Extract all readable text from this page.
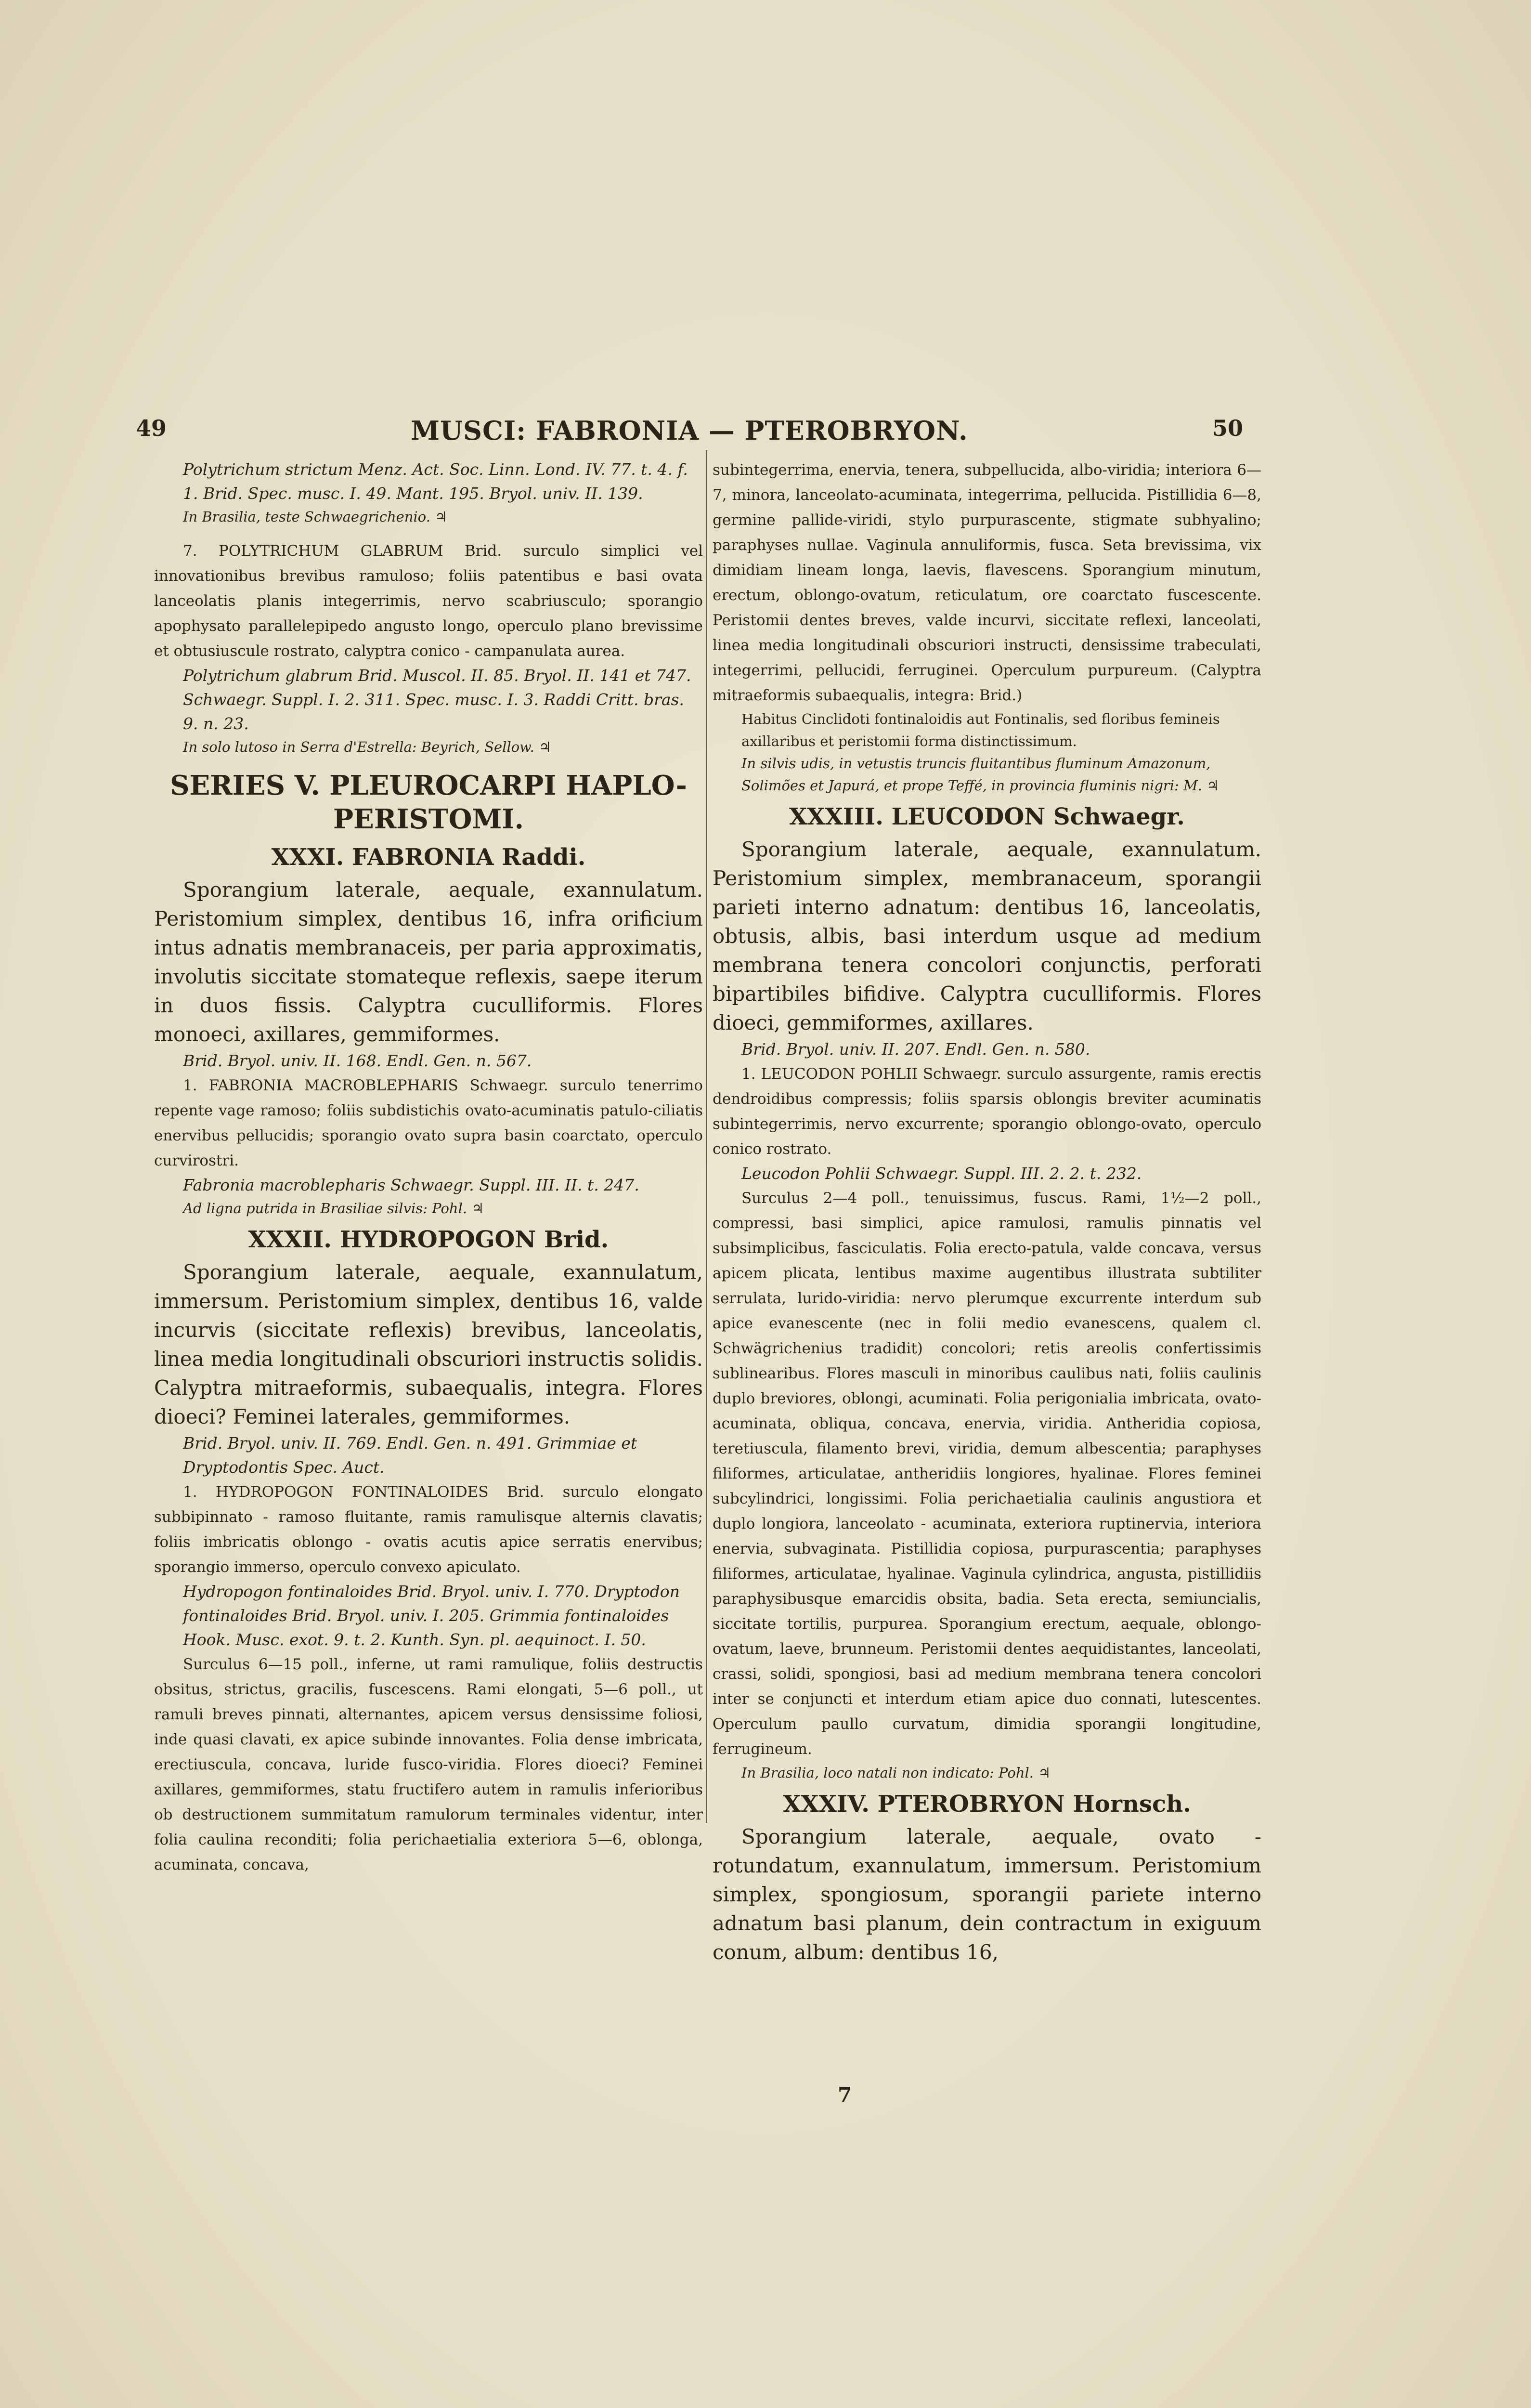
49	MUSCI: FABRONIA — PTEROBRYON.	50

Polytrichum strictum Menz. Act. Soc. Linn. Lond. IV. 77. t. 4. f. 1. Brid. Spec. musc. I. 49. Mant. 195. Bryol. univ. II. 139.

In Brasilia, teste Schwaegrichenio. ♃

7. POLYTRICHUM GLABRUM Brid. surculo simplici vel innovationibus brevibus ramuloso; foliis patentibus e basi ovata lanceolatis planis integerrimis, nervo scabriusculo; sporangio apophysato parallelepipedo angusto longo, operculo plano brevissime et obtusiuscule rostrato, calyptra conico - campanulata aurea.

Polytrichum glabrum Brid. Muscol. II. 85. Bryol. II. 141 et 747. Schwaegr. Suppl. I. 2. 311. Spec. musc. I. 3. Raddi Critt. bras. 9. n. 23.

In solo lutoso in Serra d'Estrella: Beyrich, Sellow. ♃

SERIES V. PLEUROCARPI HAPLO-PERISTOMI.
XXXI. FABRONIA Raddi.

Sporangium laterale, aequale, exannulatum. Peristomium simplex, dentibus 16, infra orificium intus adnatis membranaceis, per paria approximatis, involutis siccitate stomateque reflexis, saepe iterum in duos fissis. Calyptra cuculliformis. Flores monoeci, axillares, gemmiformes.

Brid. Bryol. univ. II. 168. Endl. Gen. n. 567.

1. FABRONIA MACROBLEPHARIS Schwaegr. surculo tenerrimo repente vage ramoso; foliis subdistichis ovato-acuminatis patulo-ciliatis enervibus pellucidis; sporangio ovato supra basin coarctato, operculo curvirostri.

Fabronia macroblepharis Schwaegr. Suppl. III. II. t. 247.

Ad ligna putrida in Brasiliae silvis: Pohl. ♃

XXXII. HYDROPOGON Brid.

Sporangium laterale, aequale, exannulatum, immersum. Peristomium simplex, dentibus 16, valde incurvis (siccitate reflexis) brevibus, lanceolatis, linea media longitudinali obscuriori instructis solidis. Calyptra mitraeformis, subaequalis, integra. Flores dioeci? Feminei laterales, gemmiformes.

Brid. Bryol. univ. II. 769. Endl. Gen. n. 491. Grimmiae et Dryptodontis Spec. Auct.

1. HYDROPOGON FONTINALOIDES Brid. surculo elongato subbipinnato - ramoso fluitante, ramis ramulisque alternis clavatis; foliis imbricatis oblongo - ovatis acutis apice serratis enervibus; sporangio immerso, operculo convexo apiculato.

Hydropogon fontinaloides Brid. Bryol. univ. I. 770. Dryptodon fontinaloides Brid. Bryol. univ. I. 205. Grimmia fontinaloides Hook. Musc. exot. 9. t. 2. Kunth. Syn. pl. aequinoct. I. 50.

Surculus 6—15 poll., inferne, ut rami ramulique, foliis destructis obsitus, strictus, gracilis, fuscescens. Rami elongati, 5—6 poll., ut ramuli breves pinnati, alternantes, apicem versus densissime foliosi, inde quasi clavati, ex apice subinde innovantes. Folia dense imbricata, erectiuscula, concava, luride fusco-viridia. Flores dioeci? Feminei axillares, gemmiformes, statu fructifero autem in ramulis inferioribus ob destructionem summitatum ramulorum terminales videntur, inter folia caulina reconditi; folia perichaetialia exteriora 5—6, oblonga, acuminata, concava,

subintegerrima, enervia, tenera, subpellucida, albo-viridia; interiora 6—7, minora, lanceolato-acuminata, integerrima, pellucida. Pistillidia 6—8, germine pallide-viridi, stylo purpurascente, stigmate subhyalino; paraphyses nullae. Vaginula annuliformis, fusca. Seta brevissima, vix dimidiam lineam longa, laevis, flavescens. Sporangium minutum, erectum, oblongo-ovatum, reticulatum, ore coarctato fuscescente. Peristomii dentes breves, valde incurvi, siccitate reflexi, lanceolati, linea media longitudinali obscuriori instructi, densissime trabeculati, integerrimi, pellucidi, ferruginei. Operculum purpureum. (Calyptra mitraeformis subaequalis, integra: Brid.)

Habitus Cinclidoti fontinaloidis aut Fontinalis, sed floribus femineis axillaribus et peristomii forma distinctissimum.

In silvis udis, in vetustis truncis fluitantibus fluminum Amazonum, Solimões et Japurá, et prope Teffé, in provincia fluminis nigri: M. ♃

XXXIII. LEUCODON Schwaegr.

Sporangium laterale, aequale, exannulatum. Peristomium simplex, membranaceum, sporangii parieti interno adnatum: dentibus 16, lanceolatis, obtusis, albis, basi interdum usque ad medium membrana tenera concolori conjunctis, perforati bipartibiles bifidive. Calyptra cuculliformis. Flores dioeci, gemmiformes, axillares.

Brid. Bryol. univ. II. 207. Endl. Gen. n. 580.

1. LEUCODON POHLII Schwaegr. surculo assurgente, ramis erectis dendroidibus compressis; foliis sparsis oblongis breviter acuminatis subintegerrimis, nervo excurrente; sporangio oblongo-ovato, operculo conico rostrato.

Leucodon Pohlii Schwaegr. Suppl. III. 2. 2. t. 232.

Surculus 2—4 poll., tenuissimus, fuscus. Rami, 1½—2 poll., compressi, basi simplici, apice ramulosi, ramulis pinnatis vel subsimplicibus, fasciculatis. Folia erecto-patula, valde concava, versus apicem plicata, lentibus maxime augentibus illustrata subtiliter serrulata, lurido-viridia: nervo plerumque excurrente interdum sub apice evanescente (nec in folii medio evanescens, qualem cl. Schwägrichenius tradidit) concolori; retis areolis confertissimis sublinearibus. Flores masculi in minoribus caulibus nati, foliis caulinis duplo breviores, oblongi, acuminati. Folia perigonialia imbricata, ovato-acuminata, obliqua, concava, enervia, viridia. Antheridia copiosa, teretiuscula, filamento brevi, viridia, demum albescentia; paraphyses filiformes, articulatae, antheridiis longiores, hyalinae. Flores feminei subcylindrici, longissimi. Folia perichaetialia caulinis angustiora et duplo longiora, lanceolato - acuminata, exteriora ruptinervia, interiora enervia, subvaginata. Pistillidia copiosa, purpurascentia; paraphyses filiformes, articulatae, hyalinae. Vaginula cylindrica, angusta, pistillidiis paraphysibusque emarcidis obsita, badia. Seta erecta, semiuncialis, siccitate tortilis, purpurea. Sporangium erectum, aequale, oblongo-ovatum, laeve, brunneum. Peristomii dentes aequidistantes, lanceolati, crassi, solidi, spongiosi, basi ad medium membrana tenera concolori inter se conjuncti et interdum etiam apice duo connati, lutescentes. Operculum paullo curvatum, dimidia sporangii longitudine, ferrugineum.

In Brasilia, loco natali non indicato: Pohl. ♃

XXXIV. PTEROBRYON Hornsch.

Sporangium laterale, aequale, ovato - rotundatum, exannulatum, immersum. Peristomium simplex, spongiosum, sporangii pariete interno adnatum basi planum, dein contractum in exiguum conum, album: dentibus 16,

7
